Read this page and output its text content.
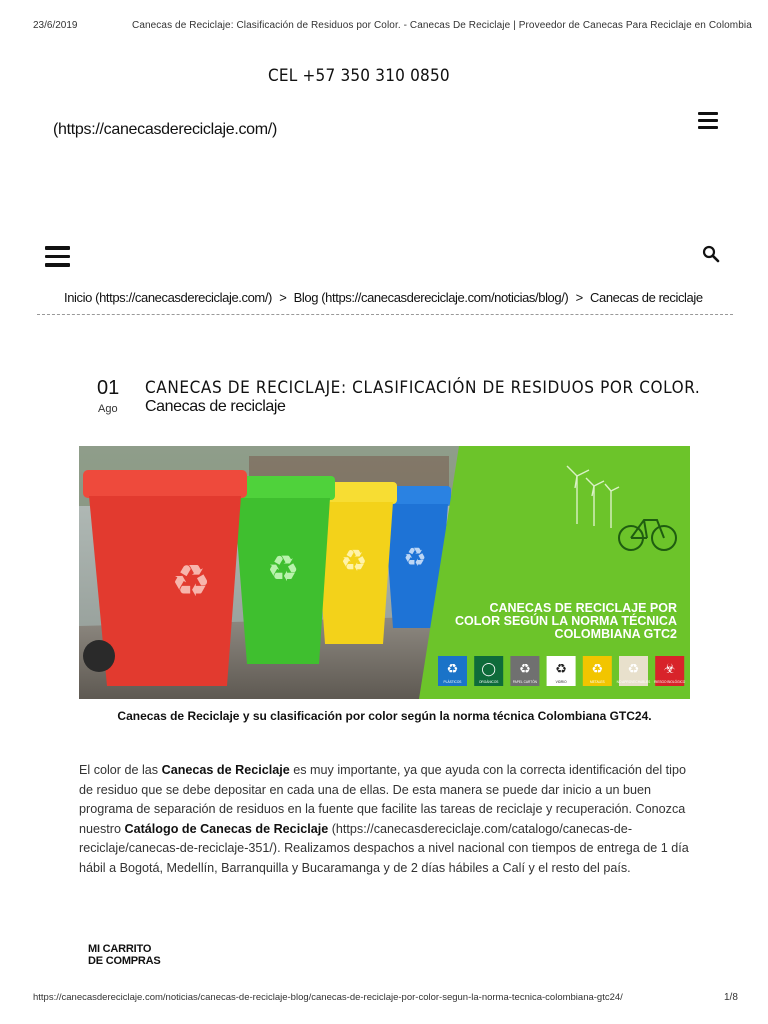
23/6/2019	Canecas de Reciclaje: Clasificación de Residuos por Color. - Canecas De Reciclaje | Proveedor de Canecas Para Reciclaje en Colombia
CEL +57 350 310 0850
(https://canecasdereciclaje.com/)
Inicio (https://canecasdereciclaje.com/) > Blog (https://canecasdereciclaje.com/noticias/blog/) > Canecas de reciclaje
01
Ago
CANECAS DE RECICLAJE: CLASIFICACIÓN DE RESIDUOS POR COLOR.
Canecas de reciclaje
♻
♻
♻
♻
CANECAS DE RECICLAJE POR
COLOR SEGÚN LA NORMA TÉCNICA
COLOMBIANA GTC2
♻
PLÁSTICOS
◯
ORGÁNICOS
♻
PAPEL CARTÓN
♻
VIDRIO
♻
METALES
♻
NO APROVECHABLES
☣
RIESGO BIOLÓGICO
Canecas de Reciclaje y su clasificación por color según la norma técnica Colombiana GTC24.
El color de las Canecas de Reciclaje es muy importante, ya que ayuda con la correcta identificación del tipo de residuo que se debe depositar en cada una de ellas. De esta manera se puede dar inicio a un buen programa de separación de residuos en la fuente que facilite las tareas de reciclaje y recuperación. Conozca nuestro Catálogo de Canecas de Reciclaje (https://canecasdereciclaje.com/catalogo/canecas-de-reciclaje/canecas-de-reciclaje-351/). Realizamos despachos a nivel nacional con tiempos de entrega de 1 día hábil a Bogotá, Medellín, Barranquilla y Bucaramanga y de 2 días hábiles a Calí y el resto del país.
MI CARRITO
DE COMPRAS
https://canecasdereciclaje.com/noticias/canecas-de-reciclaje-blog/canecas-de-reciclaje-por-color-segun-la-norma-tecnica-colombiana-gtc24/	1/8
